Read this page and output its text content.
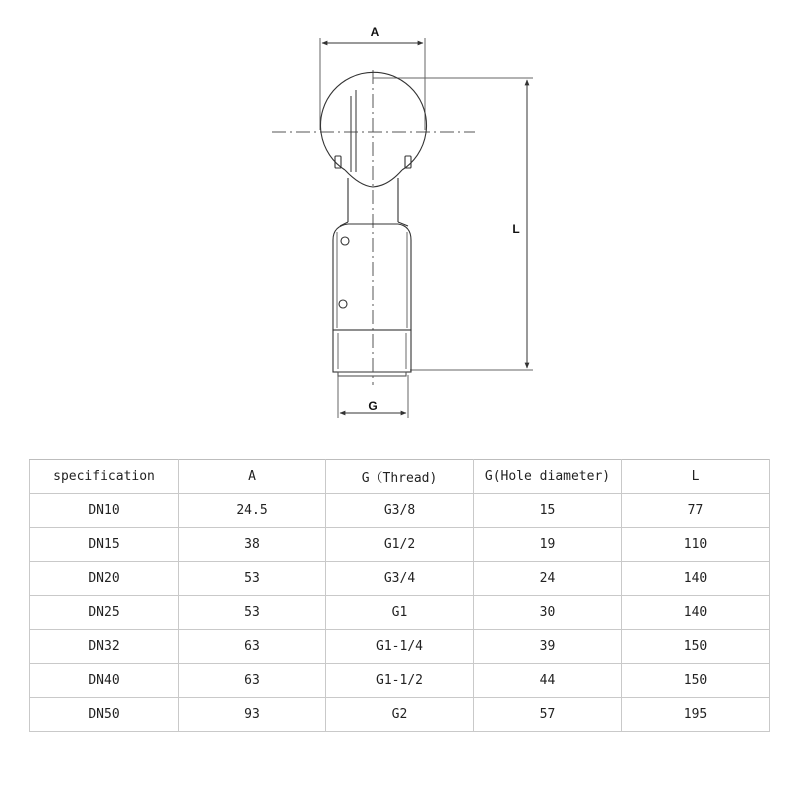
A
L
G
specification	A	G（Thread)	G(Hole diameter)	L
DN10	24.5	G3/8	15	77
DN15	38	G1/2	19	110
DN20	53	G3/4	24	140
DN25	53	G1	30	140
DN32	63	G1-1/4	39	150
DN40	63	G1-1/2	44	150
DN50	93	G2	57	195
